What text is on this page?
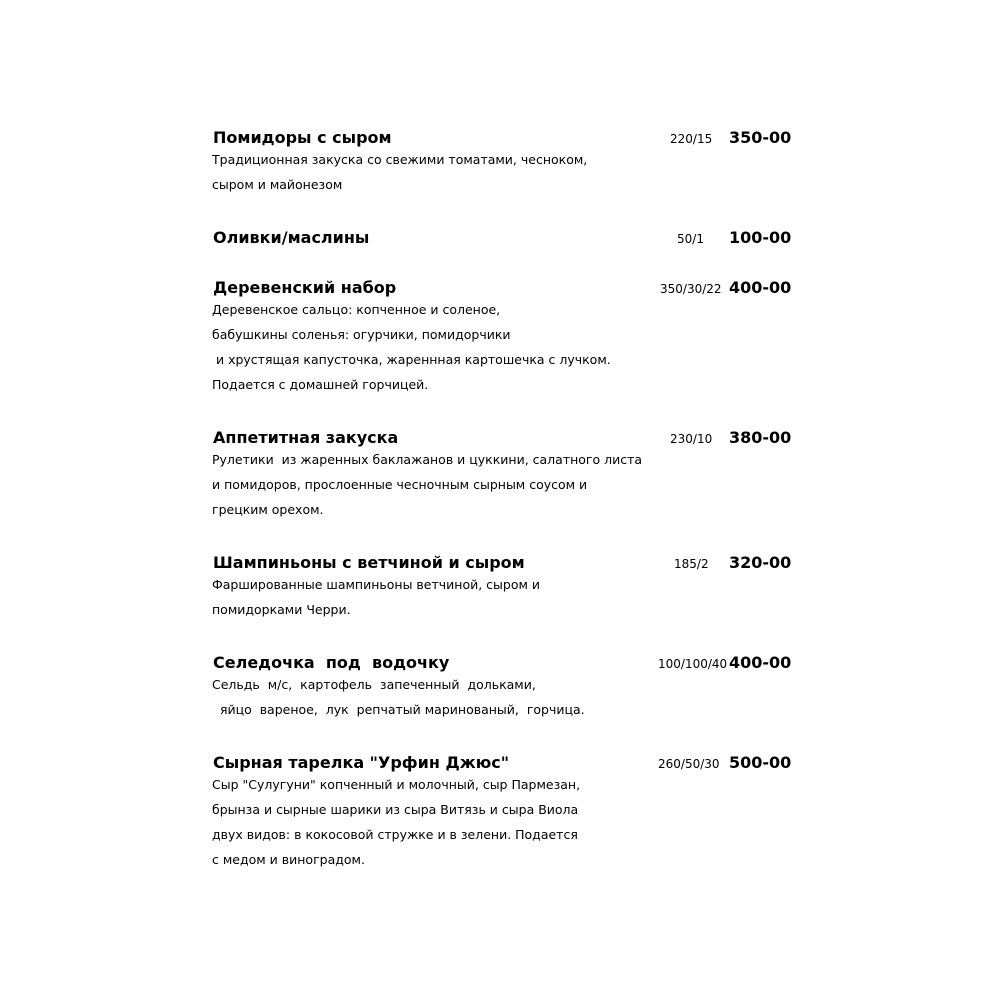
Помидоры с сыром	220/15 350-00
Традиционная закуска со свежими томатами, чесноком,
сыром и майонезом
Оливки/маслины	50/1 100-00
Деревенский набор	350/30/22 400-00
Деревенское сальцо: копченное и соленое,
бабушкины соленья: огурчики, помидорчики
и хрустящая капусточка, жареннная картошечка с лучком.
Подается с домашней горчицей.
Аппетитная закуска	230/10 380-00
Рулетики  из жаренных баклажанов и цуккини, салатного листа
и помидоров, прослоенные чесночным сырным соусом и
грецким орехом.
Шампиньоны с ветчиной и сыром	185/2 320-00
Фаршированные шампиньоны ветчиной, сыром и
помидорками Черри.
Селедочка  под  водочку	100/100/40 400-00
Сельдь  м/с,  картофель  запеченный  дольками,
яйцо  вареное,  лук  репчатый маринованый,  горчица.
Сырная тарелка "Урфин Джюс"	260/50/30 500-00
Сыр "Сулугуни" копченный и молочный, сыр Пармезан,
брынза и сырные шарики из сыра Витязь и сыра Виола
двух видов: в кокосовой стружке и в зелени. Подается
с медом и виноградом.
